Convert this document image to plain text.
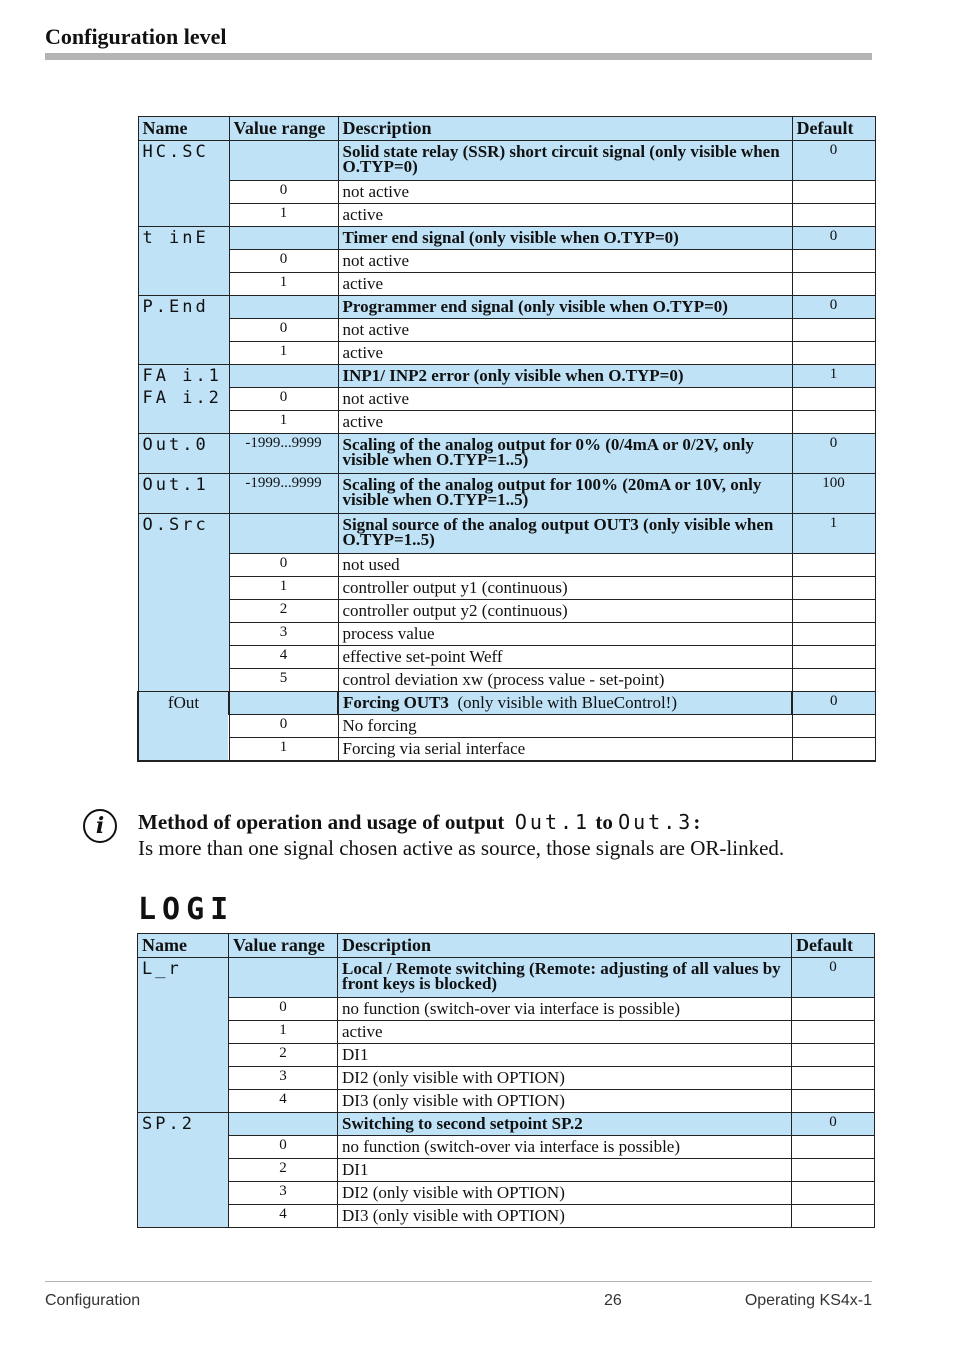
Configuration level
Name	Value range	Description	Default
HC.SC		Solid state relay (SSR) short circuit signal (only visible when O.TYP=0)	0
	0	not active	
	1	active	
t inE		Timer end signal (only visible when O.TYP=0)	0
	0	not active	
	1	active	
P.End		Programmer end signal (only visible when O.TYP=0)	0
	0	not active	
	1	active	

FA i.1
FA i.2		INP1/ INP2 error (only visible when O.TYP=0)	1
	0	not active	
	1	active	
Out.0	-1999...9999	Scaling of the analog output for 0% (0/4mA or 0/2V, only visible when O.TYP=1..5)	0
Out.1	-1999...9999	Scaling of the analog output for 100% (20mA or 10V, only visible when O.TYP=1..5)	100
O.Src		Signal source of the analog output OUT3 (only visible when O.TYP=1..5)	1
	0	not used	
	1	controller output y1 (continuous)	
	2	controller output y2 (continuous)	
	3	process value	
	4	effective set-point Weff	
	5	control deviation xw (process value - set-point)	
fOut		Forcing OUT3  (only visible with BlueControl!)	0
	0	No forcing	
	1	Forcing via serial interface	
i	Method of operation and usage of output Out.1 to Out.3:
Is more than one signal chosen active as source, those signals are OR-linked.
LOGI
Name	Value range	Description	Default
L_r		Local / Remote switching (Remote: adjusting of all values by front keys is blocked)	0
	0	no function (switch-over via interface is possible)	
	1	active	
	2	DI1	
	3	DI2 (only visible with OPTION)	
	4	DI3 (only visible with OPTION)	
SP.2		Switching to second setpoint SP.2	0
	0	no function (switch-over via interface is possible)	
	2	DI1	
	3	DI2 (only visible with OPTION)	
	4	DI3 (only visible with OPTION)	
Configuration	26	Operating KS4x-1
